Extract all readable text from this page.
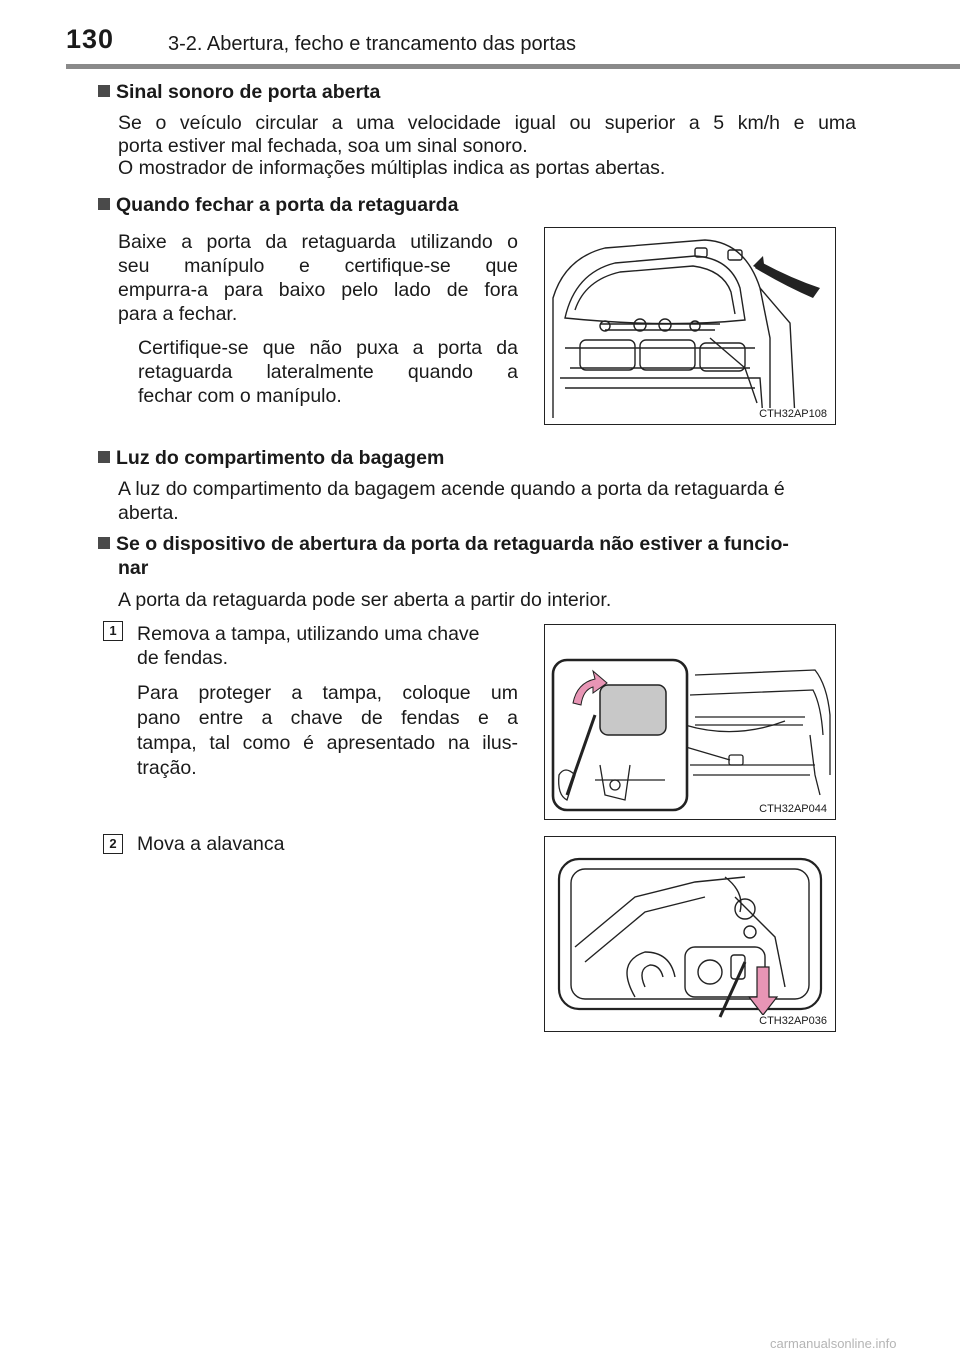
130	3-2. Abertura, fecho e trancamento das portas
Sinal sonoro de porta aberta
Se o veículo circular a uma velocidade igual ou superior a 5 km/h e uma
porta estiver mal fechada, soa um sinal sonoro.
O mostrador de informações múltiplas indica as portas abertas.
Quando fechar a porta da retaguarda
Baixe a porta da retaguarda utilizando o
seu manípulo e certifique-se que
empurra-a para baixo pelo lado de fora
para a fechar.
Certifique-se que não puxa a porta da
retaguarda lateralmente quando a
fechar com o manípulo.
CTH32AP108
Luz do compartimento da bagagem
A luz do compartimento da bagagem acende quando a porta da retaguarda é
aberta.
Se o dispositivo de abertura da porta da retaguarda não estiver a funcio-
nar
A porta da retaguarda pode ser aberta a partir do interior.
1	Remova a tampa, utilizando uma chave
de fendas.
Para proteger a tampa, coloque um
pano entre a chave de fendas e a
tampa, tal como é apresentado na ilus-
tração.
CTH32AP044
2	Mova a alavanca
CTH32AP036
carmanualsonline.info
